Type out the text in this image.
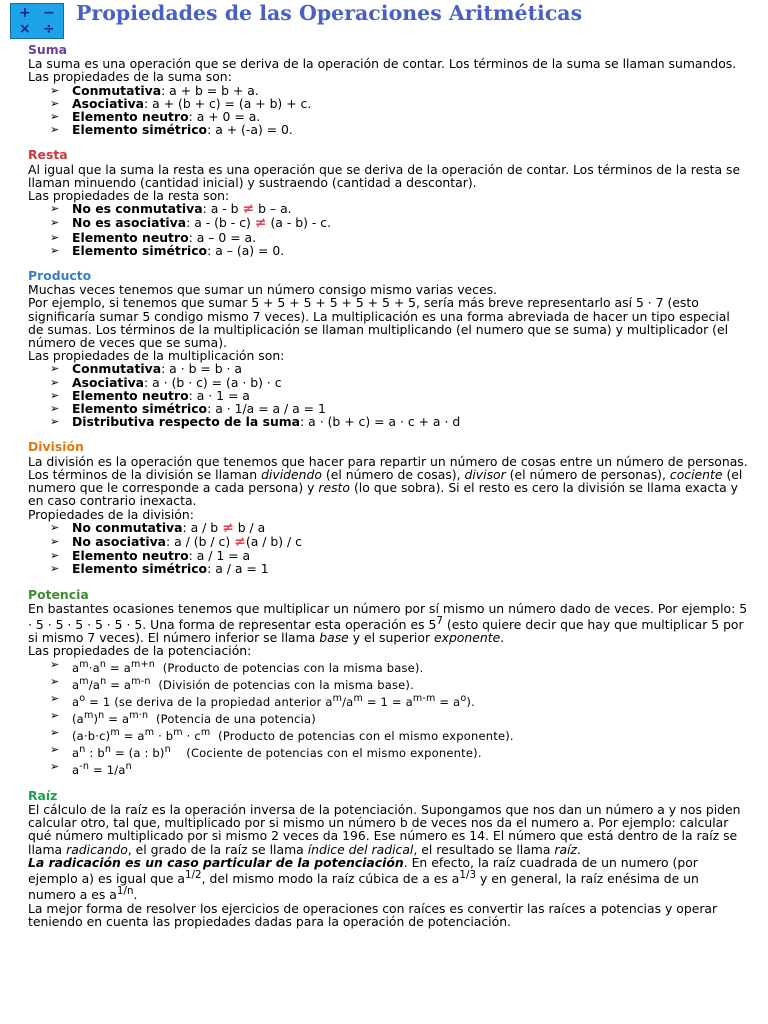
+ −
× ÷
Propiedades de las Operaciones Aritméticas
Suma

La suma es una operación que se deriva de la operación de contar. Los términos de la suma se llaman sumandos.

Las propiedades de la suma son:

➢ Conmutativa: a + b = b + a.
➢ Asociativa: a + (b + c) = (a + b) + c.
➢ Elemento neutro: a + 0 = a.
➢ Elemento simétrico: a + (-a) = 0.
Resta

Al igual que la suma la resta es una operación que se deriva de la operación de contar. Los términos de la resta se llaman minuendo (cantidad inicial) y sustraendo (cantidad a descontar).

Las propiedades de la resta son:

➢ No es conmutativa: a - b ≠ b – a.
➢ No es asociativa: a - (b - c) ≠ (a - b) - c.
➢ Elemento neutro: a – 0 = a.
➢ Elemento simétrico: a – (a) = 0.
Producto

Muchas veces tenemos que sumar un número consigo mismo varias veces.

Por ejemplo, si tenemos que sumar 5 + 5 + 5 + 5 + 5 + 5 + 5, sería más breve representarlo así 5 · 7 (esto significaría sumar 5 condigo mismo 7 veces). La multiplicación es una forma abreviada de hacer un tipo especial de sumas. Los términos de la multiplicación se llaman multiplicando (el numero que se suma) y multiplicador (el número de veces que se suma).

Las propiedades de la multiplicación son:

➢ Conmutativa: a · b = b · a
➢ Asociativa: a · (b · c) = (a · b) · c
➢ Elemento neutro: a · 1 = a
➢ Elemento simétrico: a · 1/a = a / a = 1
➢ Distributiva respecto de la suma: a · (b + c) = a · c + a · d
División

La división es la operación que tenemos que hacer para repartir un número de cosas entre un número de personas. Los términos de la división se llaman dividendo (el número de cosas), divisor (el número de personas), cociente (el numero que le corresponde a cada persona) y resto (lo que sobra). Si el resto es cero la división se llama exacta y en caso contrario inexacta.

Propiedades de la división:

➢ No conmutativa: a / b ≠ b / a
➢ No asociativa: a / (b / c) ≠(a / b) / c
➢ Elemento neutro: a / 1 = a
➢ Elemento simétrico: a / a = 1
Potencia

En bastantes ocasiones tenemos que multiplicar un número por sí mismo un número dado de veces. Por ejemplo: 5 · 5 · 5 · 5 · 5 · 5 · 5. Una forma de representar esta operación es $5^7$ (esto quiere decir que hay que multiplicar 5 por si mismo 7 veces). El número inferior se llama base y el superior exponente.

Las propiedades de la potenciación:

➢ $a^m\cdot a^n = a^{m+n}$  (Producto de potencias con la misma base).
➢ $a^m/a^n = a^{m-n}$  (División de potencias con la misma base).
➢ $a^o = 1$ (se deriva de la propiedad anterior $a^m/a^m = 1 = a^{m-m} = a^o$).
➢ $(a^m)^n = a^{m\cdot n}$  (Potencia de una potencia)
➢ $(a\cdot b\cdot c)^m = a^m \cdot b^m \cdot c^m$  (Producto de potencias con el mismo exponente).
➢ $a^n$ : $b^n = (a$ : b)$^n$    (Cociente de potencias con el mismo exponente).
➢ $a^{-n} = 1/a^n$
Raíz

El cálculo de la raíz es la operación inversa de la potenciación. Supongamos que nos dan un número a y nos piden calcular otro, tal que, multiplicado por si mismo un número b de veces nos da el numero a. Por ejemplo: calcular qué número multiplicado por si mismo 2 veces da 196. Ese número es 14. El número que está dentro de la raíz se llama radicando, el grado de la raíz se llama índice del radical, el resultado se llama raíz.

La radicación es un caso particular de la potenciación. En efecto, la raíz cuadrada de un numero (por ejemplo a) es igual que $a^{1/2}$, del mismo modo la raíz cúbica de a es $a^{1/3}$ y en general, la raíz enésima de un numero a es $a^{1/n}$.

La mejor forma de resolver los ejercicios de operaciones con raíces es convertir las raíces a potencias y operar teniendo en cuenta las propiedades dadas para la operación de potenciación.
